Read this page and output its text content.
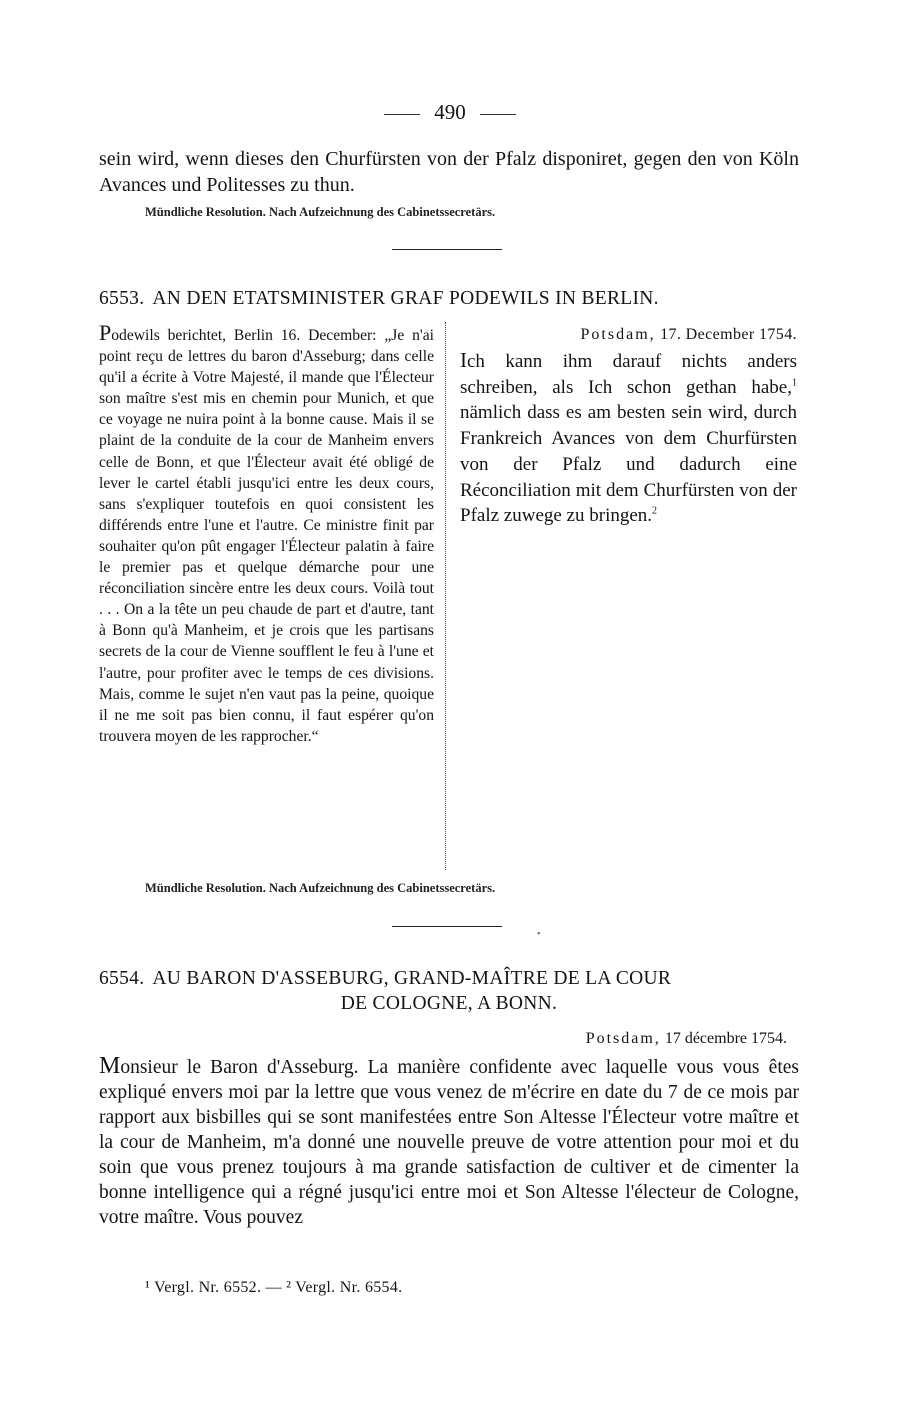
490
sein wird, wenn dieses den Churfürsten von der Pfalz disponiret, gegen den von Köln Avances und Politesses zu thun.
Mündliche Resolution. Nach Aufzeichnung des Cabinetssecretärs.
6553. AN DEN ETATSMINISTER GRAF PODEWILS IN BERLIN.
Podewils berichtet, Berlin 16. December: „Je n'ai point reçu de lettres du baron d'Asseburg; dans celle qu'il a écrite à Votre Majesté, il mande que l'Électeur son maître s'est mis en chemin pour Munich, et que ce voyage ne nuira point à la bonne cause. Mais il se plaint de la conduite de la cour de Manheim envers celle de Bonn, et que l'Électeur avait été obligé de lever le cartel établi jusqu'ici entre les deux cours, sans s'expliquer toutefois en quoi consistent les différends entre l'une et l'autre. Ce ministre finit par souhaiter qu'on pût engager l'Électeur palatin à faire le premier pas et quelque démarche pour une réconciliation sincère entre les deux cours. Voilà tout . . . On a la tête un peu chaude de part et d'autre, tant à Bonn qu'à Manheim, et je crois que les partisans secrets de la cour de Vienne soufflent le feu à l'une et l'autre, pour profiter avec le temps de ces divisions. Mais, comme le sujet n'en vaut pas la peine, quoique il ne me soit pas bien connu, il faut espérer qu'on trouvera moyen de les rapprocher.“
Potsdam, 17. December 1754.
Ich kann ihm darauf nichts anders schreiben, als Ich schon gethan habe,$^1$ nämlich dass es am besten sein wird, durch Frankreich Avances von dem Churfürsten von der Pfalz und dadurch eine Réconciliation mit dem Churfürsten von der Pfalz zuwege zu bringen.$^2$
Mündliche Resolution. Nach Aufzeichnung des Cabinetssecretärs.
•
6554. AU BARON D'ASSEBURG, GRAND-MAÎTRE DE LA COUR
DE COLOGNE, A BONN.
Potsdam, 17 décembre 1754.
Monsieur le Baron d'Asseburg. La manière confidente avec laquelle vous vous êtes expliqué envers moi par la lettre que vous venez de m'écrire en date du 7 de ce mois par rapport aux bisbilles qui se sont manifestées entre Son Altesse l'Électeur votre maître et la cour de Manheim, m'a donné une nouvelle preuve de votre attention pour moi et du soin que vous prenez toujours à ma grande satisfaction de cultiver et de cimenter la bonne intelligence qui a régné jusqu'ici entre moi et Son Altesse l'électeur de Cologne, votre maître. Vous pouvez
¹ Vergl. Nr. 6552. — ² Vergl. Nr. 6554.
